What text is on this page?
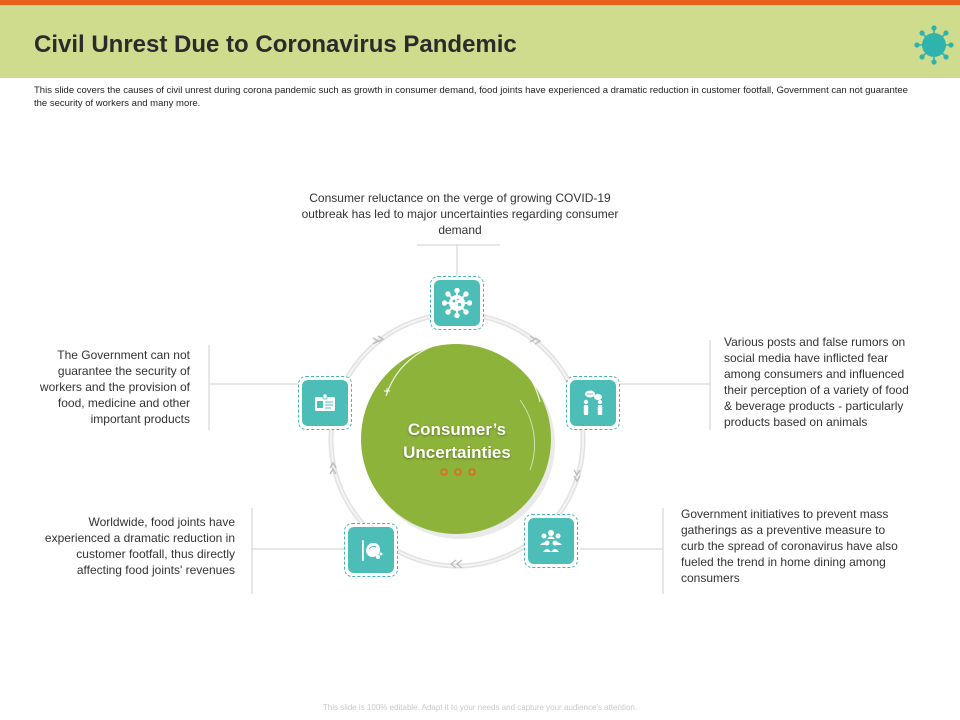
Civil Unrest Due to Coronavirus Pandemic
This slide covers the causes of civil unrest during corona pandemic such as growth in consumer demand, food joints have experienced a dramatic reduction in customer footfall, Government can not guarantee the security of workers and many more.
Consumer’s
Uncertainties
Consumer reluctance on the verge of growing COVID-19 outbreak has led to major uncertainties regarding consumer demand
Various posts and false rumors on social media have inflicted fear among consumers and influenced their perception of a variety of food & beverage products - particularly products based on animals
Government initiatives to prevent mass gatherings as a preventive measure to curb the spread of coronavirus have also fueled the trend in home dining among consumers
Worldwide, food joints have experienced a dramatic reduction in customer footfall, thus directly affecting food joints' revenues
The Government can not guarantee the security of workers and the provision of food, medicine and other important products
This slide is 100% editable. Adapt it to your needs and capture your audience's attention.
